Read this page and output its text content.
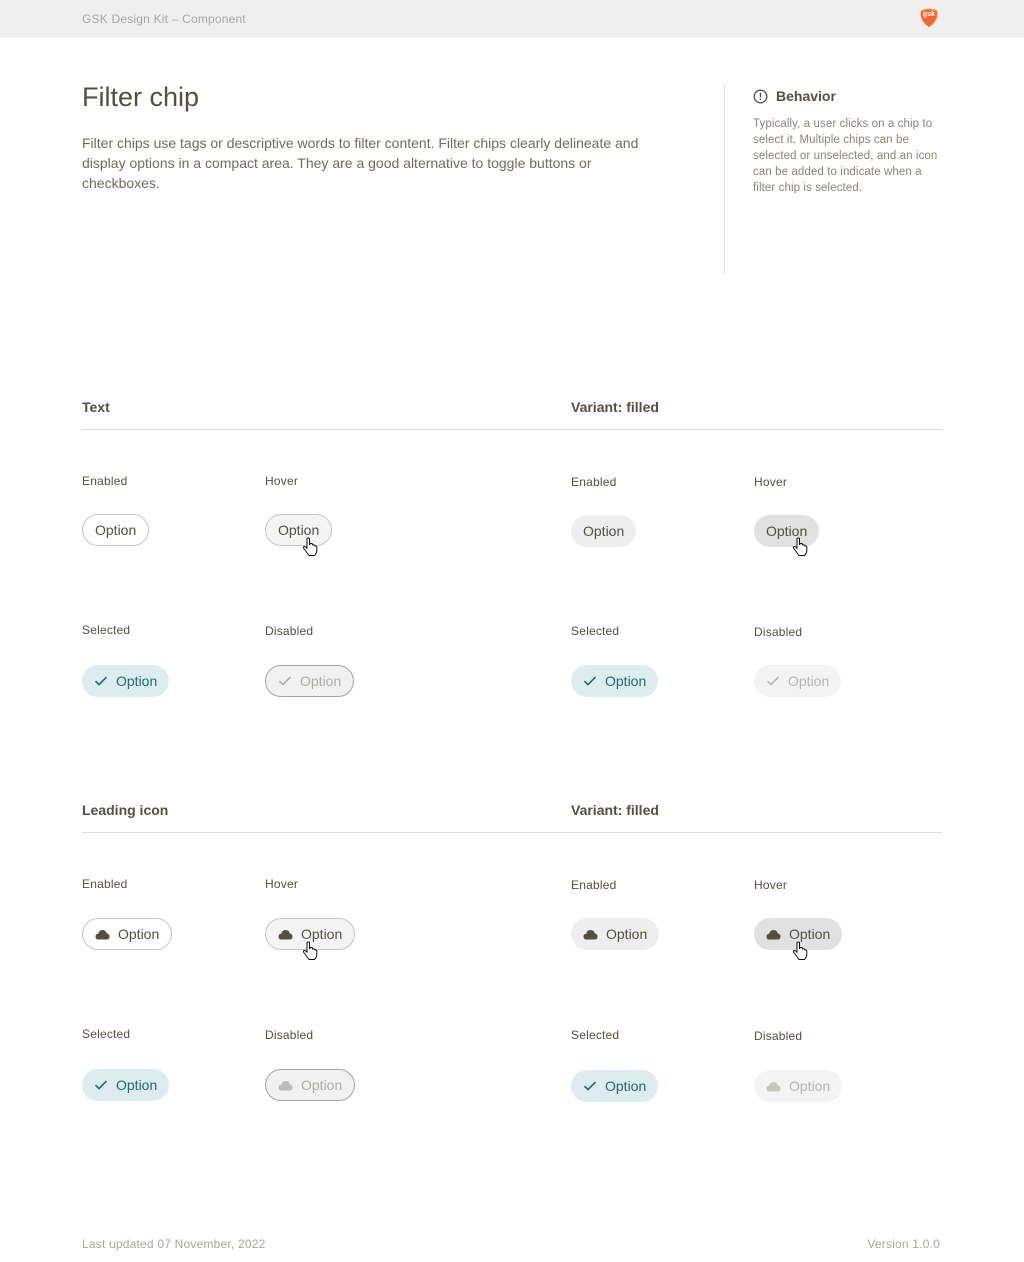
GSK Design Kit – Component	gsk
Filter chip

Filter chips use tags or descriptive words to filter content. Filter chips clearly delineate and display options in a compact area. They are a good alternative to toggle buttons or checkboxes.

Behavior

Typically, a user clicks on a chip to select it. Multiple chips can be selected or unselected, and an icon can be added to indicate when a filter chip is selected.

Text	Variant: filled
Enabled	Hover	Enabled	Hover
Option	Option	Option	Option
Selected	Disabled	Selected	Disabled
Option	Option	Option	Option
Leading icon	Variant: filled
Enabled	Hover	Enabled	Hover
Option	Option	Option	Option
Selected	Disabled	Selected	Disabled
Option	Option	Option	Option
Last updated 07 November, 2022	Version 1.0.0
